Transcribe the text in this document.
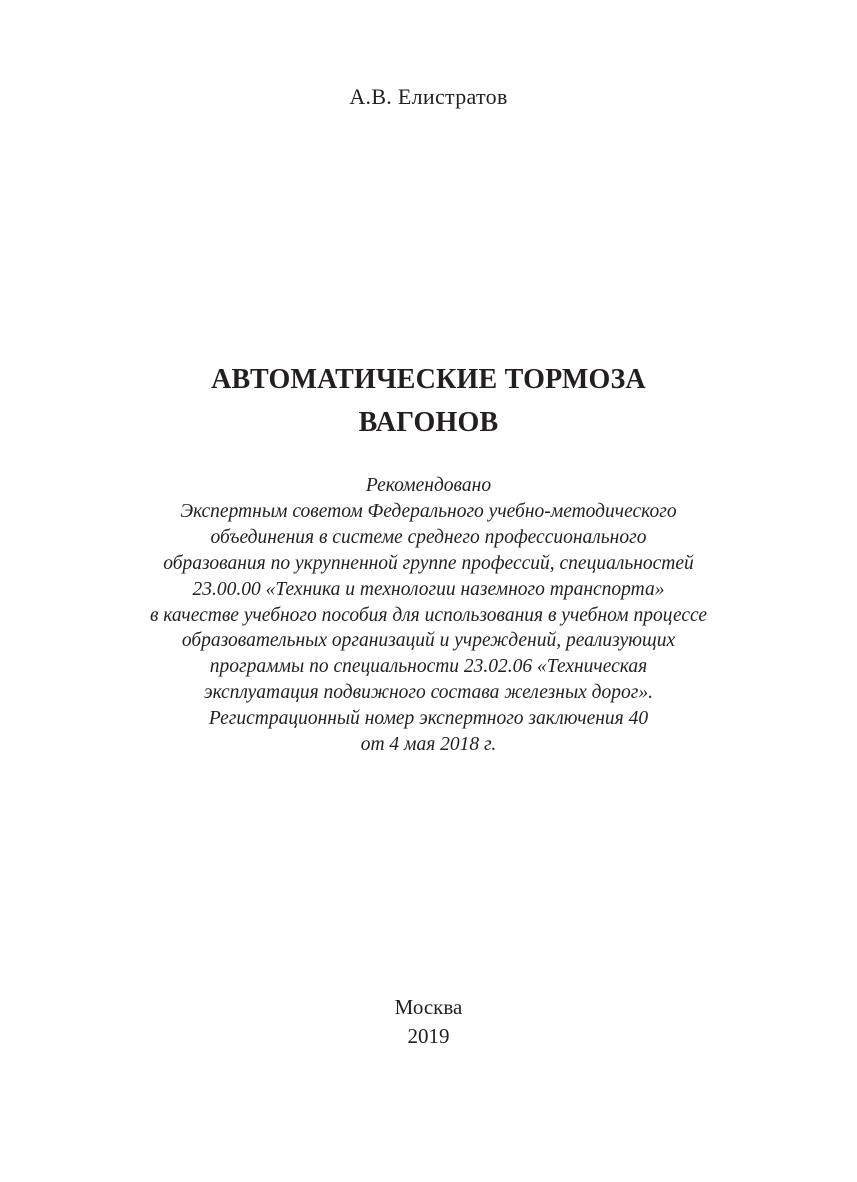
А.В. Елистратов
АВТОМАТИЧЕСКИЕ ТОРМОЗА
ВАГОНОВ
Рекомендовано
Экспертным советом Федерального учебно-методического
объединения в системе среднего профессионального
образования по укрупненной группе профессий, специальностей
23.00.00 «Техника и технологии наземного транспорта»
в качестве учебного пособия для использования в учебном процессе
образовательных организаций и учреждений, реализующих
программы по специальности 23.02.06 «Техническая
эксплуатация подвижного состава железных дорог».
Регистрационный номер экспертного заключения 40
от 4 мая 2018 г.
Москва
2019
